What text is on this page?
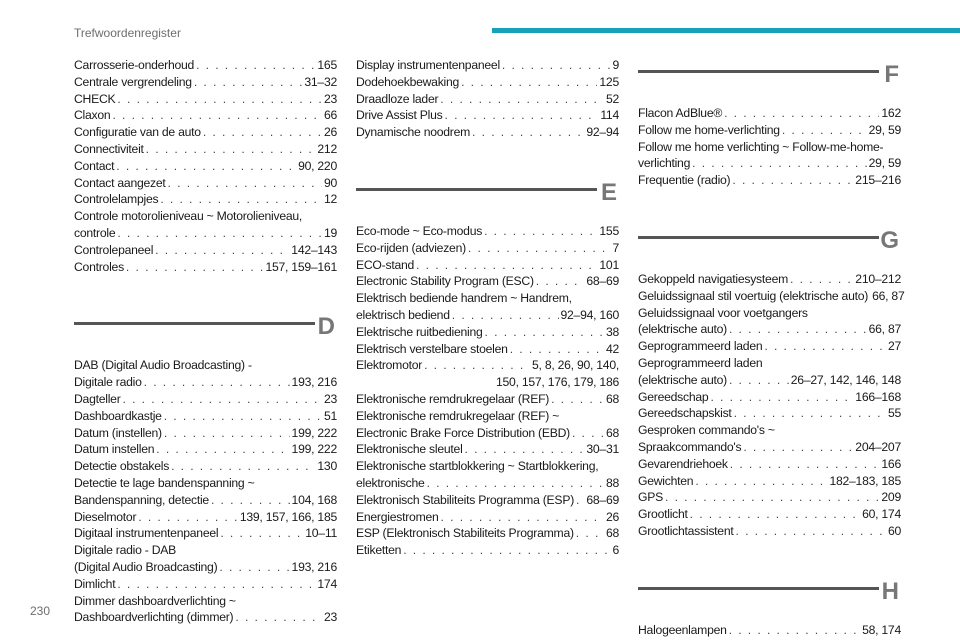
Trefwoordenregister
Carrosserie-onderhoud . . .	165
Centrale vergrendeling . . .	31–32
CHECK . . .	23
Claxon . . .	66
Configuratie van de auto . . .	26
Connectiviteit . . .	212
Contact . . .	90, 220
Contact aangezet . . .	90
Controlelampjes . . .	12
Controle motorolieniveau ~ Motorolieniveau,
controle . . .	19
Controlepaneel . . .	142–143
Controles . . .	157, 159–161
D
DAB (Digital Audio Broadcasting) -
Digitale radio . . .	193, 216
Dagteller . . .	23
Dashboardkastje . . .	51
Datum (instellen) . . .	199, 222
Datum instellen . . .	199, 222
Detectie obstakels . . .	130
Detectie te lage bandenspanning ~
Bandenspanning, detectie . . .	104, 168
Dieselmotor . . .	139, 157, 166, 185
Digitaal instrumentenpaneel . . .	10–11
Digitale radio - DAB
(Digital Audio Broadcasting) . . .	193, 216
Dimlicht . . .	174
Dimmer dashboardverlichting ~
Dashboardverlichting (dimmer) . . .	23
Display instrumentenpaneel . . .	9
Dodehoekbewaking . . .	125
Draadloze lader . . .	52
Drive Assist Plus . . .	114
Dynamische noodrem . . .	92–94
E
Eco-mode ~ Eco-modus . . .	155
Eco-rijden (adviezen) . . .	7
ECO-stand . . .	101
Electronic Stability Program (ESC) . . .	68–69
Elektrisch bediende handrem ~ Handrem,
elektrisch bediend . . .	92–94, 160
Elektrische ruitbediening . . .	38
Elektrisch verstelbare stoelen . . .	42
Elektromotor . . .	5, 8, 26, 90, 140,
150, 157, 176, 179, 186
Elektronische remdrukregelaar (REF) . . .	68
Elektronische remdrukregelaar (REF) ~
Electronic Brake Force Distribution (EBD) . . .	68
Elektronische sleutel . . .	30–31
Elektronische startblokkering ~ Startblokkering,
elektronische . . .	88
Elektronisch Stabiliteits Programma (ESP) . . . 68–69
Energiestromen . . .	26
ESP (Elektronisch Stabiliteits Programma) . . .	68
Etiketten . . .	6
F
Flacon AdBlue® . . .	162
Follow me home-verlichting . . .	29, 59
Follow me home verlichting ~ Follow-me-home-
verlichting . . .	29, 59
Frequentie (radio) . . .	215–216
G
Gekoppeld navigatiesysteem . . .	210–212
Geluidssignaal stil voertuig (elektrische auto) 66, 87
Geluidssignaal voor voetgangers
(elektrische auto) . . .	66, 87
Geprogrammeerd laden . . .	27
Geprogrammeerd laden
(elektrische auto) . . .	26–27, 142, 146, 148
Gereedschap . . .	166–168
Gereedschapskist . . .	55
Gesproken commando's ~
Spraakcommando's . . .	204–207
Gevarendriehoek . . .	166
Gewichten . . .	182–183, 185
GPS . . .	209
Grootlicht . . .	60, 174
Grootlichtassistent . . .	60
H
Halogeenlampen . . .	58, 174
230
